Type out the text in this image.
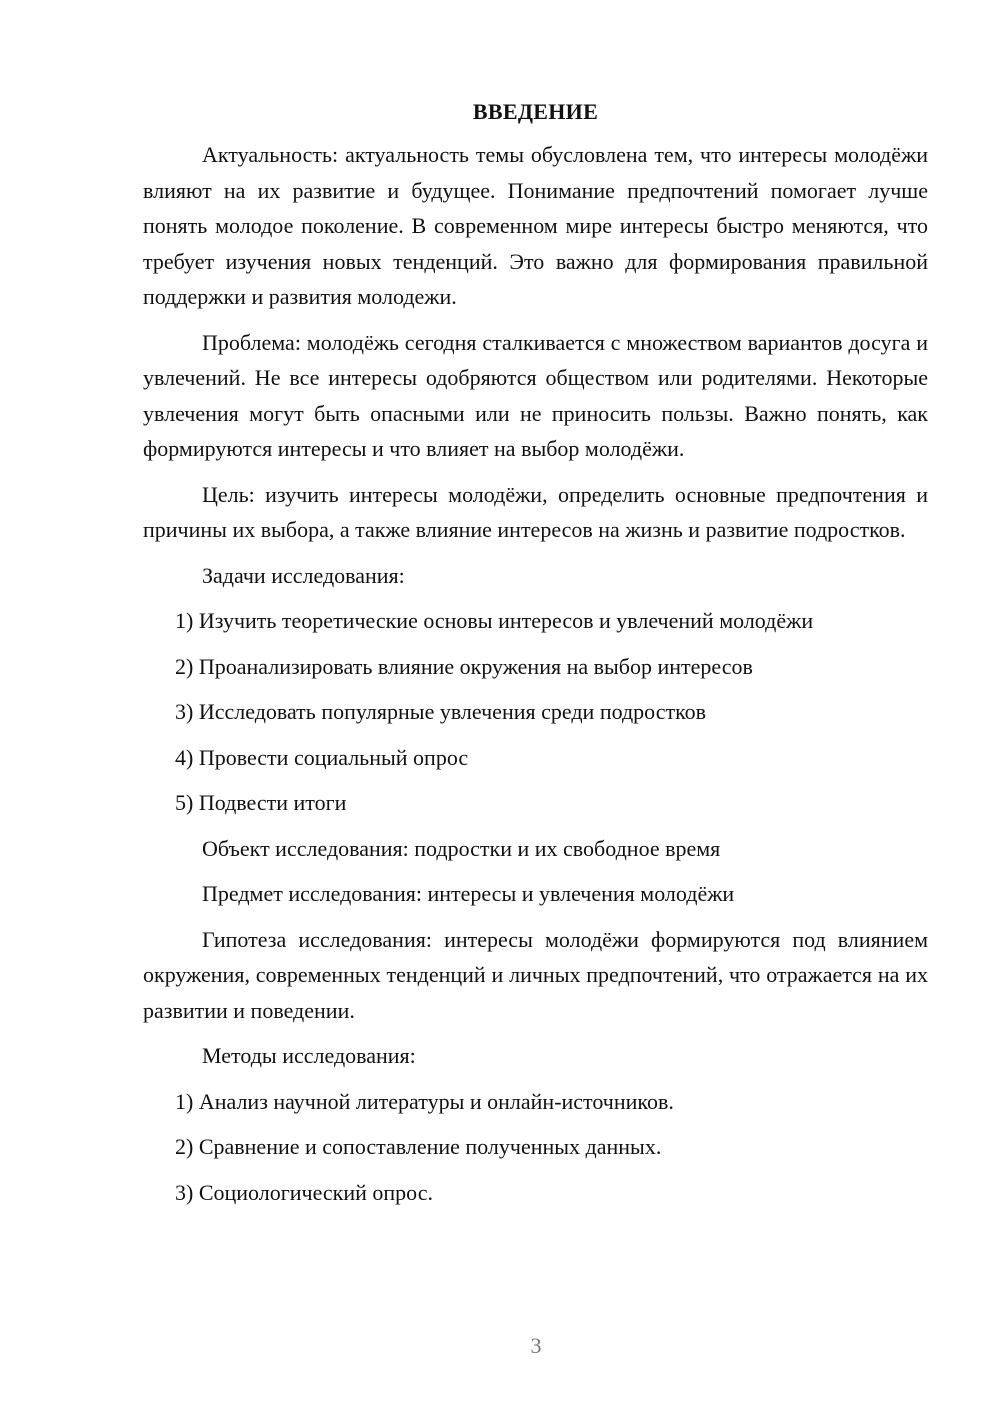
ВВЕДЕНИЕ
Актуальность: актуальность темы обусловлена тем, что интересы молодёжи влияют на их развитие и будущее. Понимание предпочтений помогает лучше понять молодое поколение. В современном мире интересы быстро меняются, что требует изучения новых тенденций. Это важно для формирования правильной поддержки и развития молодежи.
Проблема: молодёжь сегодня сталкивается с множеством вариантов досуга и увлечений. Не все интересы одобряются обществом или родителями. Некоторые увлечения могут быть опасными или не приносить пользы. Важно понять, как формируются интересы и что влияет на выбор молодёжи.
Цель: изучить интересы молодёжи, определить основные предпочтения и причины их выбора, а также влияние интересов на жизнь и развитие подростков.
Задачи исследования:
1) Изучить теоретические основы интересов и увлечений молодёжи
2) Проанализировать влияние окружения на выбор интересов
3) Исследовать популярные увлечения среди подростков
4) Провести социальный опрос
5) Подвести итоги
Объект исследования: подростки и их свободное время
Предмет исследования: интересы и увлечения молодёжи
Гипотеза исследования: интересы молодёжи формируются под влиянием окружения, современных тенденций и личных предпочтений, что отражается на их развитии и поведении.
Методы исследования:
1) Анализ научной литературы и онлайн-источников.
2) Сравнение и сопоставление полученных данных.
3) Социологический опрос.
3
